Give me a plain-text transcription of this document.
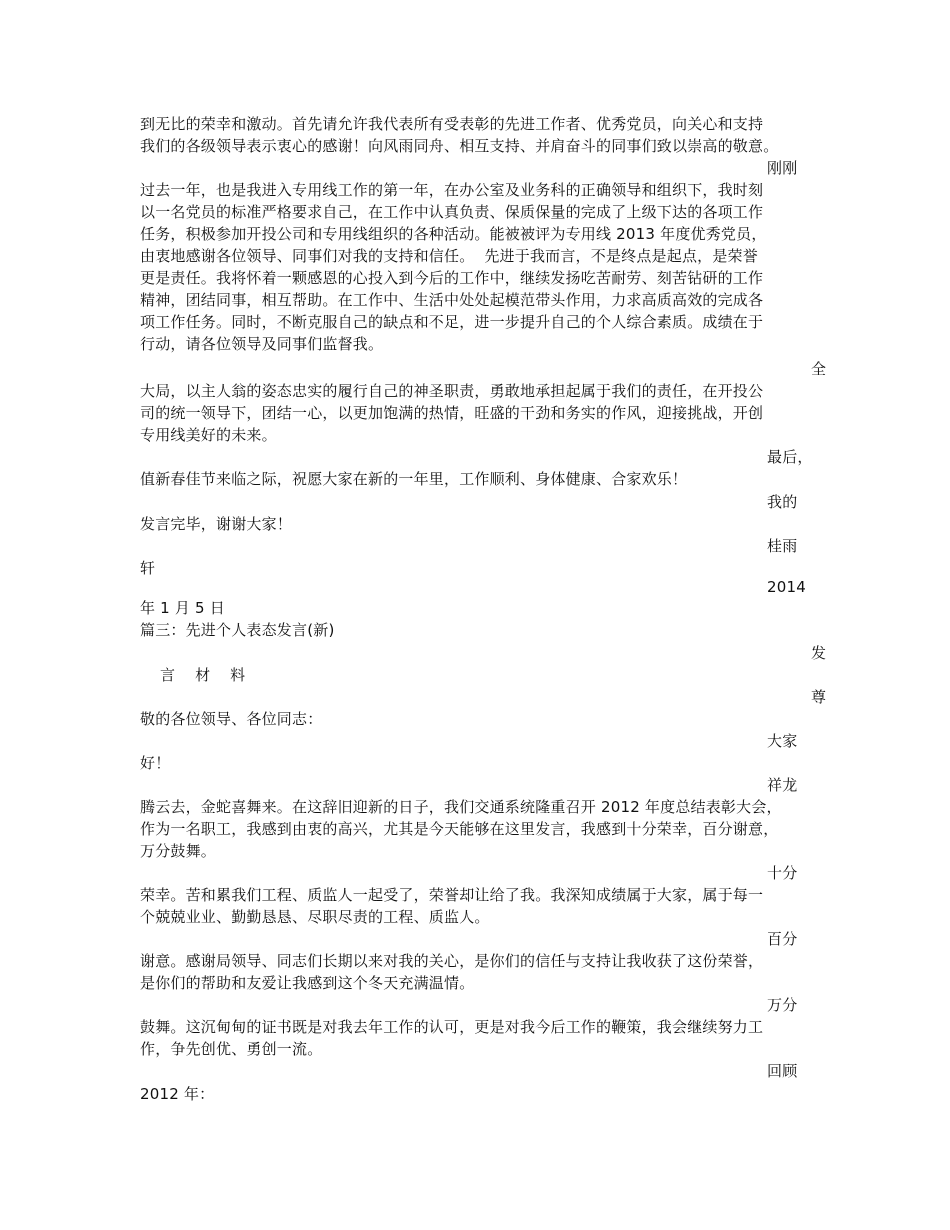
到无比的荣幸和激动。首先请允许我代表所有受表彰的先进工作者、优秀党员，向关心和支持
我们的各级领导表示衷心的感谢！向风雨同舟、相互支持、并肩奋斗的同事们致以崇高的敬意。
刚刚
过去一年，也是我进入专用线工作的第一年，在办公室及业务科的正确领导和组织下，我时刻
以一名党员的标准严格要求自己，在工作中认真负责、保质保量的完成了上级下达的各项工作
任务，积极参加开投公司和专用线组织的各种活动。能被被评为专用线 2013 年度优秀党员，
由衷地感谢各位领导、同事们对我的支持和信任。  先进于我而言，不是终点是起点，是荣誉
更是责任。我将怀着一颗感恩的心投入到今后的工作中，继续发扬吃苦耐劳、刻苦钻研的工作
精神，团结同事，相互帮助。在工作中、生活中处处起模范带头作用，力求高质高效的完成各
项工作任务。同时，不断克服自己的缺点和不足，进一步提升自己的个人综合素质。成绩在于
行动，请各位领导及同事们监督我。
全
大局，以主人翁的姿态忠实的履行自己的神圣职责，勇敢地承担起属于我们的责任，在开投公
司的统一领导下，团结一心，以更加饱满的热情，旺盛的干劲和务实的作风，迎接挑战，开创
专用线美好的未来。
最后，
值新春佳节来临之际，祝愿大家在新的一年里，工作顺利、身体健康、合家欢乐！
我的
发言完毕，谢谢大家！
桂雨
轩
2014
年 1 月 5 日
篇三：先进个人表态发言(新)
发
言    材    料
尊
敬的各位领导、各位同志：
大家
好！
祥龙
腾云去，金蛇喜舞来。在这辞旧迎新的日子，我们交通系统隆重召开 2012 年度总结表彰大会，
作为一名职工，我感到由衷的高兴，尤其是今天能够在这里发言，我感到十分荣幸，百分谢意，
万分鼓舞。
十分
荣幸。苦和累我们工程、质监人一起受了，荣誉却让给了我。我深知成绩属于大家，属于每一
个兢兢业业、勤勤恳恳、尽职尽责的工程、质监人。
百分
谢意。感谢局领导、同志们长期以来对我的关心，是你们的信任与支持让我收获了这份荣誉，
是你们的帮助和友爱让我感到这个冬天充满温情。
万分
鼓舞。这沉甸甸的证书既是对我去年工作的认可，更是对我今后工作的鞭策，我会继续努力工
作，争先创优、勇创一流。
回顾
2012 年：
